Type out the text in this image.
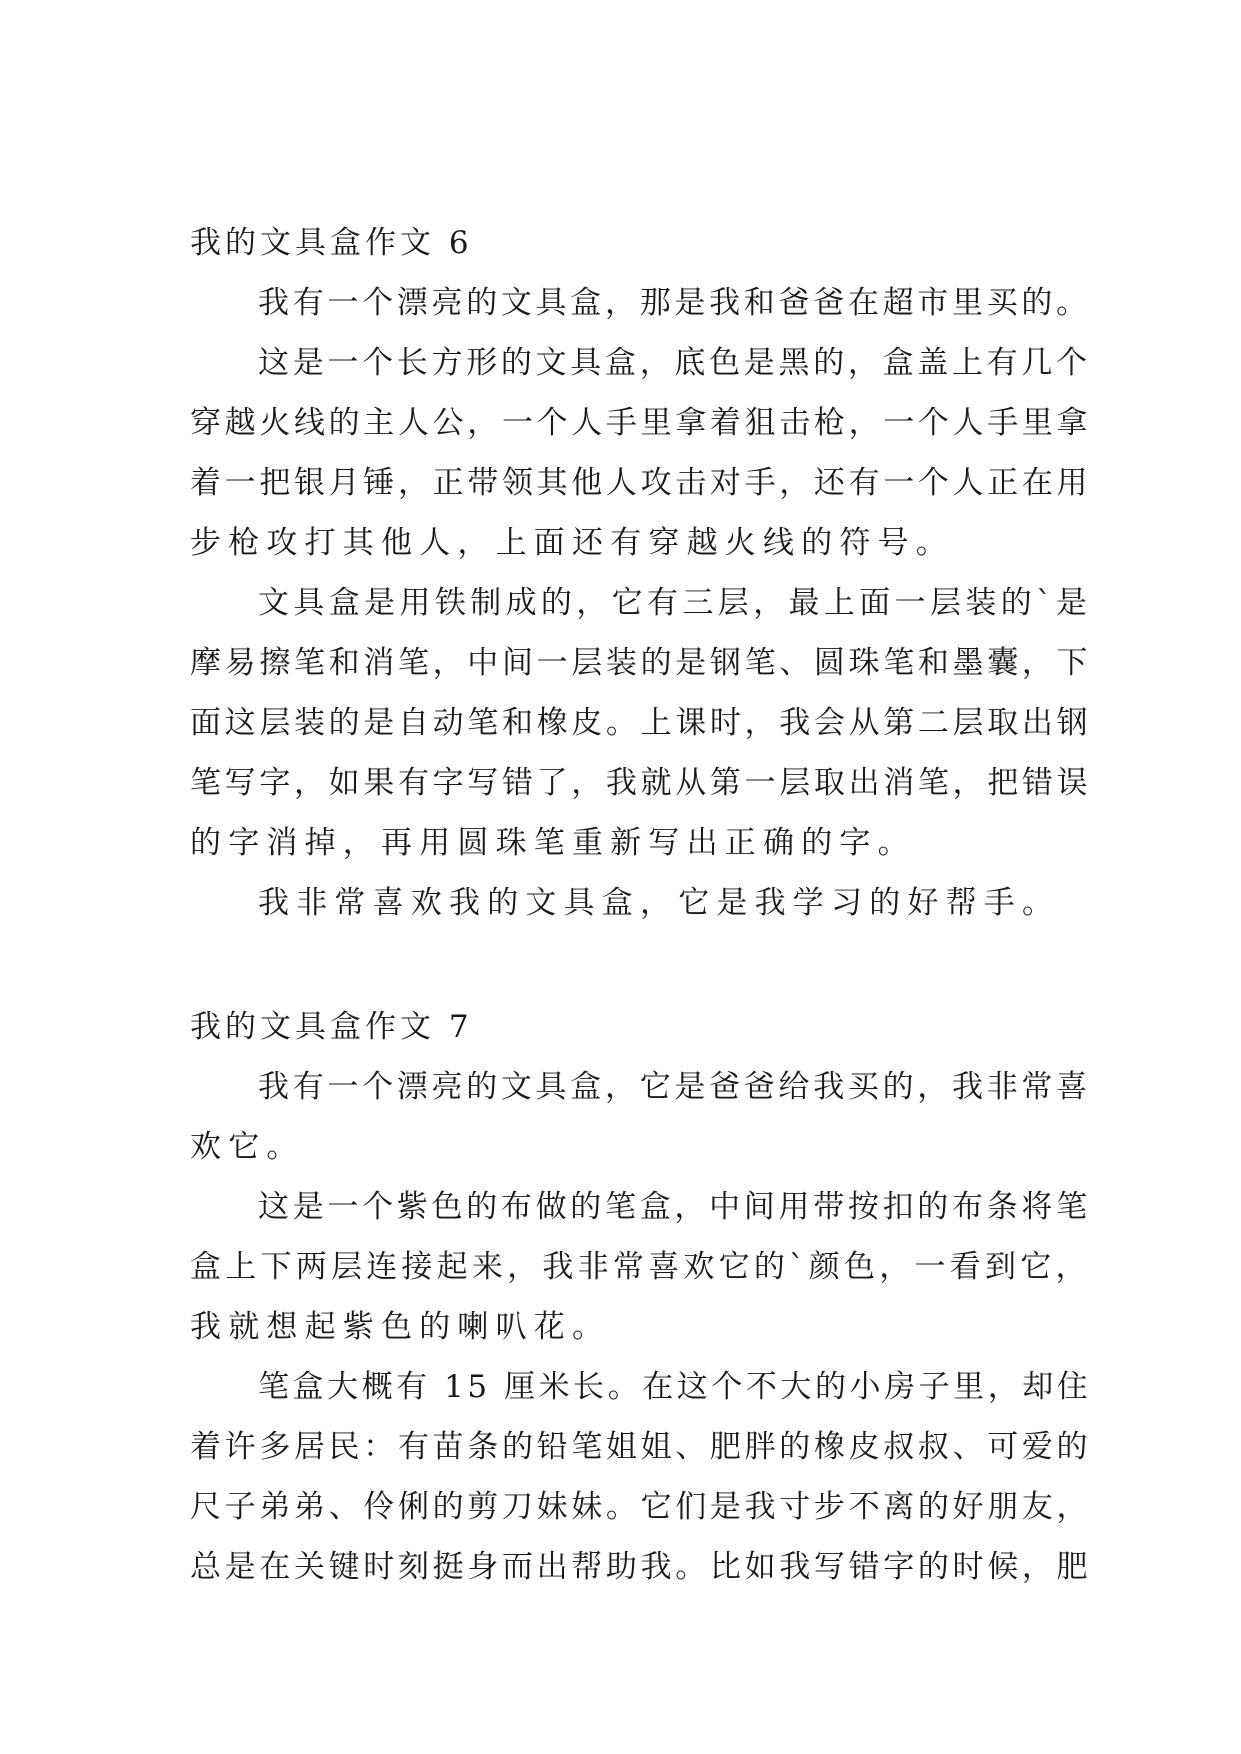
我的文具盒作文 6
我有一个漂亮的文具盒，那是我和爸爸在超市里买的。
这是一个长方形的文具盒，底色是黑的，盒盖上有几个
穿越火线的主人公，一个人手里拿着狙击枪，一个人手里拿
着一把银月锤，正带领其他人攻击对手，还有一个人正在用
步枪攻打其他人，上面还有穿越火线的符号。
文具盒是用铁制成的，它有三层，最上面一层装的`是
摩易擦笔和消笔，中间一层装的是钢笔、圆珠笔和墨囊，下
面这层装的是自动笔和橡皮。上课时，我会从第二层取出钢
笔写字，如果有字写错了，我就从第一层取出消笔，把错误
的字消掉，再用圆珠笔重新写出正确的字。
我非常喜欢我的文具盒，它是我学习的好帮手。
我的文具盒作文 7
我有一个漂亮的文具盒，它是爸爸给我买的，我非常喜
欢它。
这是一个紫色的布做的笔盒，中间用带按扣的布条将笔
盒上下两层连接起来，我非常喜欢它的`颜色，一看到它，
我就想起紫色的喇叭花。
笔盒大概有 15 厘米长。在这个不大的小房子里，却住
着许多居民：有苗条的铅笔姐姐、肥胖的橡皮叔叔、可爱的
尺子弟弟、伶俐的剪刀妹妹。它们是我寸步不离的好朋友，
总是在关键时刻挺身而出帮助我。比如我写错字的时候，肥
